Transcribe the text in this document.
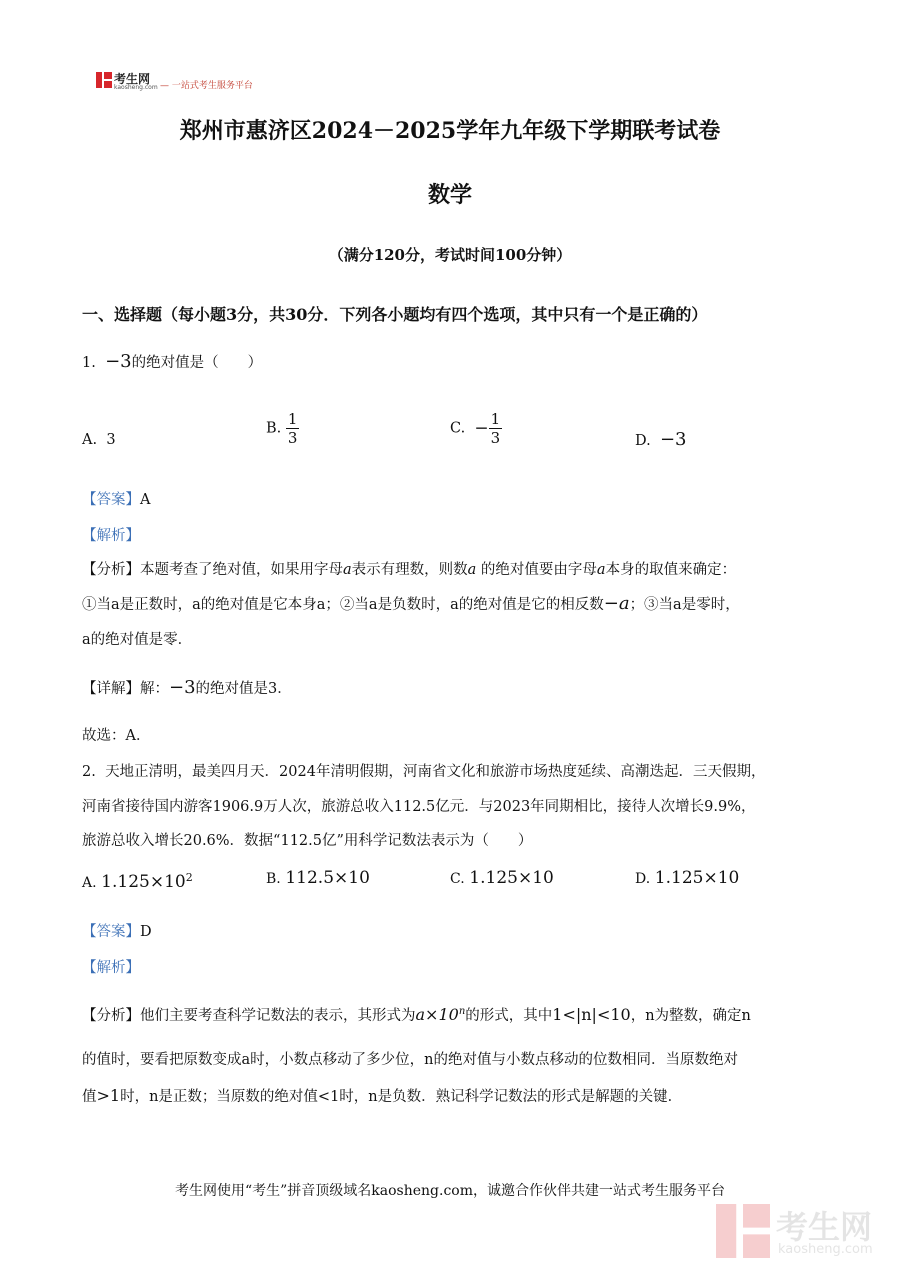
考生网
kaosheng.com — 一站式考生服务平台
郑州市惠济区2024－2025学年九年级下学期联考试卷
数学
（满分120分，考试时间100分钟）
一、选择题（每小题3分，共30分．下列各小题均有四个选项，其中只有一个是正确的）
1. −3的绝对值是（　　）
A. 3
B. $\frac{1}{3}$	C. − $\frac{1}{3}$	D. −3
【答案】A
【解析】
【分析】本题考查了绝对值，如果用字母a表示有理数，则数a 的绝对值要由字母a本身的取值来确定：
①当a是正数时，a的绝对值是它本身a；②当a是负数时，a的绝对值是它的相反数−a；③当a是零时，
a的绝对值是零．
【详解】解：−3的绝对值是3．
故选：A．
2. 天地正清明，最美四月天．2024年清明假期，河南省文化和旅游市场热度延续、高潮迭起．三天假期，
河南省接待国内游客1906.9万人次，旅游总收入112.5亿元．与2023年同期相比，接待人次增长9.9%，
旅游总收入增长20.6%．数据“112.5亿”用科学记数法表示为（　　）
A. $1.125\times 10^2$	B. 112.5×10	C. 1.125×10	D. 1.125×10
【答案】D
【解析】
【分析】他们主要考查科学记数法的表示，其形式为$a\times 10^n$的形式，其中1<|n|<10，n为整数，确定n
的值时，要看把原数变成a时，小数点移动了多少位，n的绝对值与小数点移动的位数相同．当原数绝对
值>1时，n是正数；当原数的绝对值<1时，n是负数．熟记科学记数法的形式是解题的关键．
考生网使用“考生”拼音顶级域名kaosheng.com，诚邀合作伙伴共建一站式考生服务平台
考生网
kaosheng.com
